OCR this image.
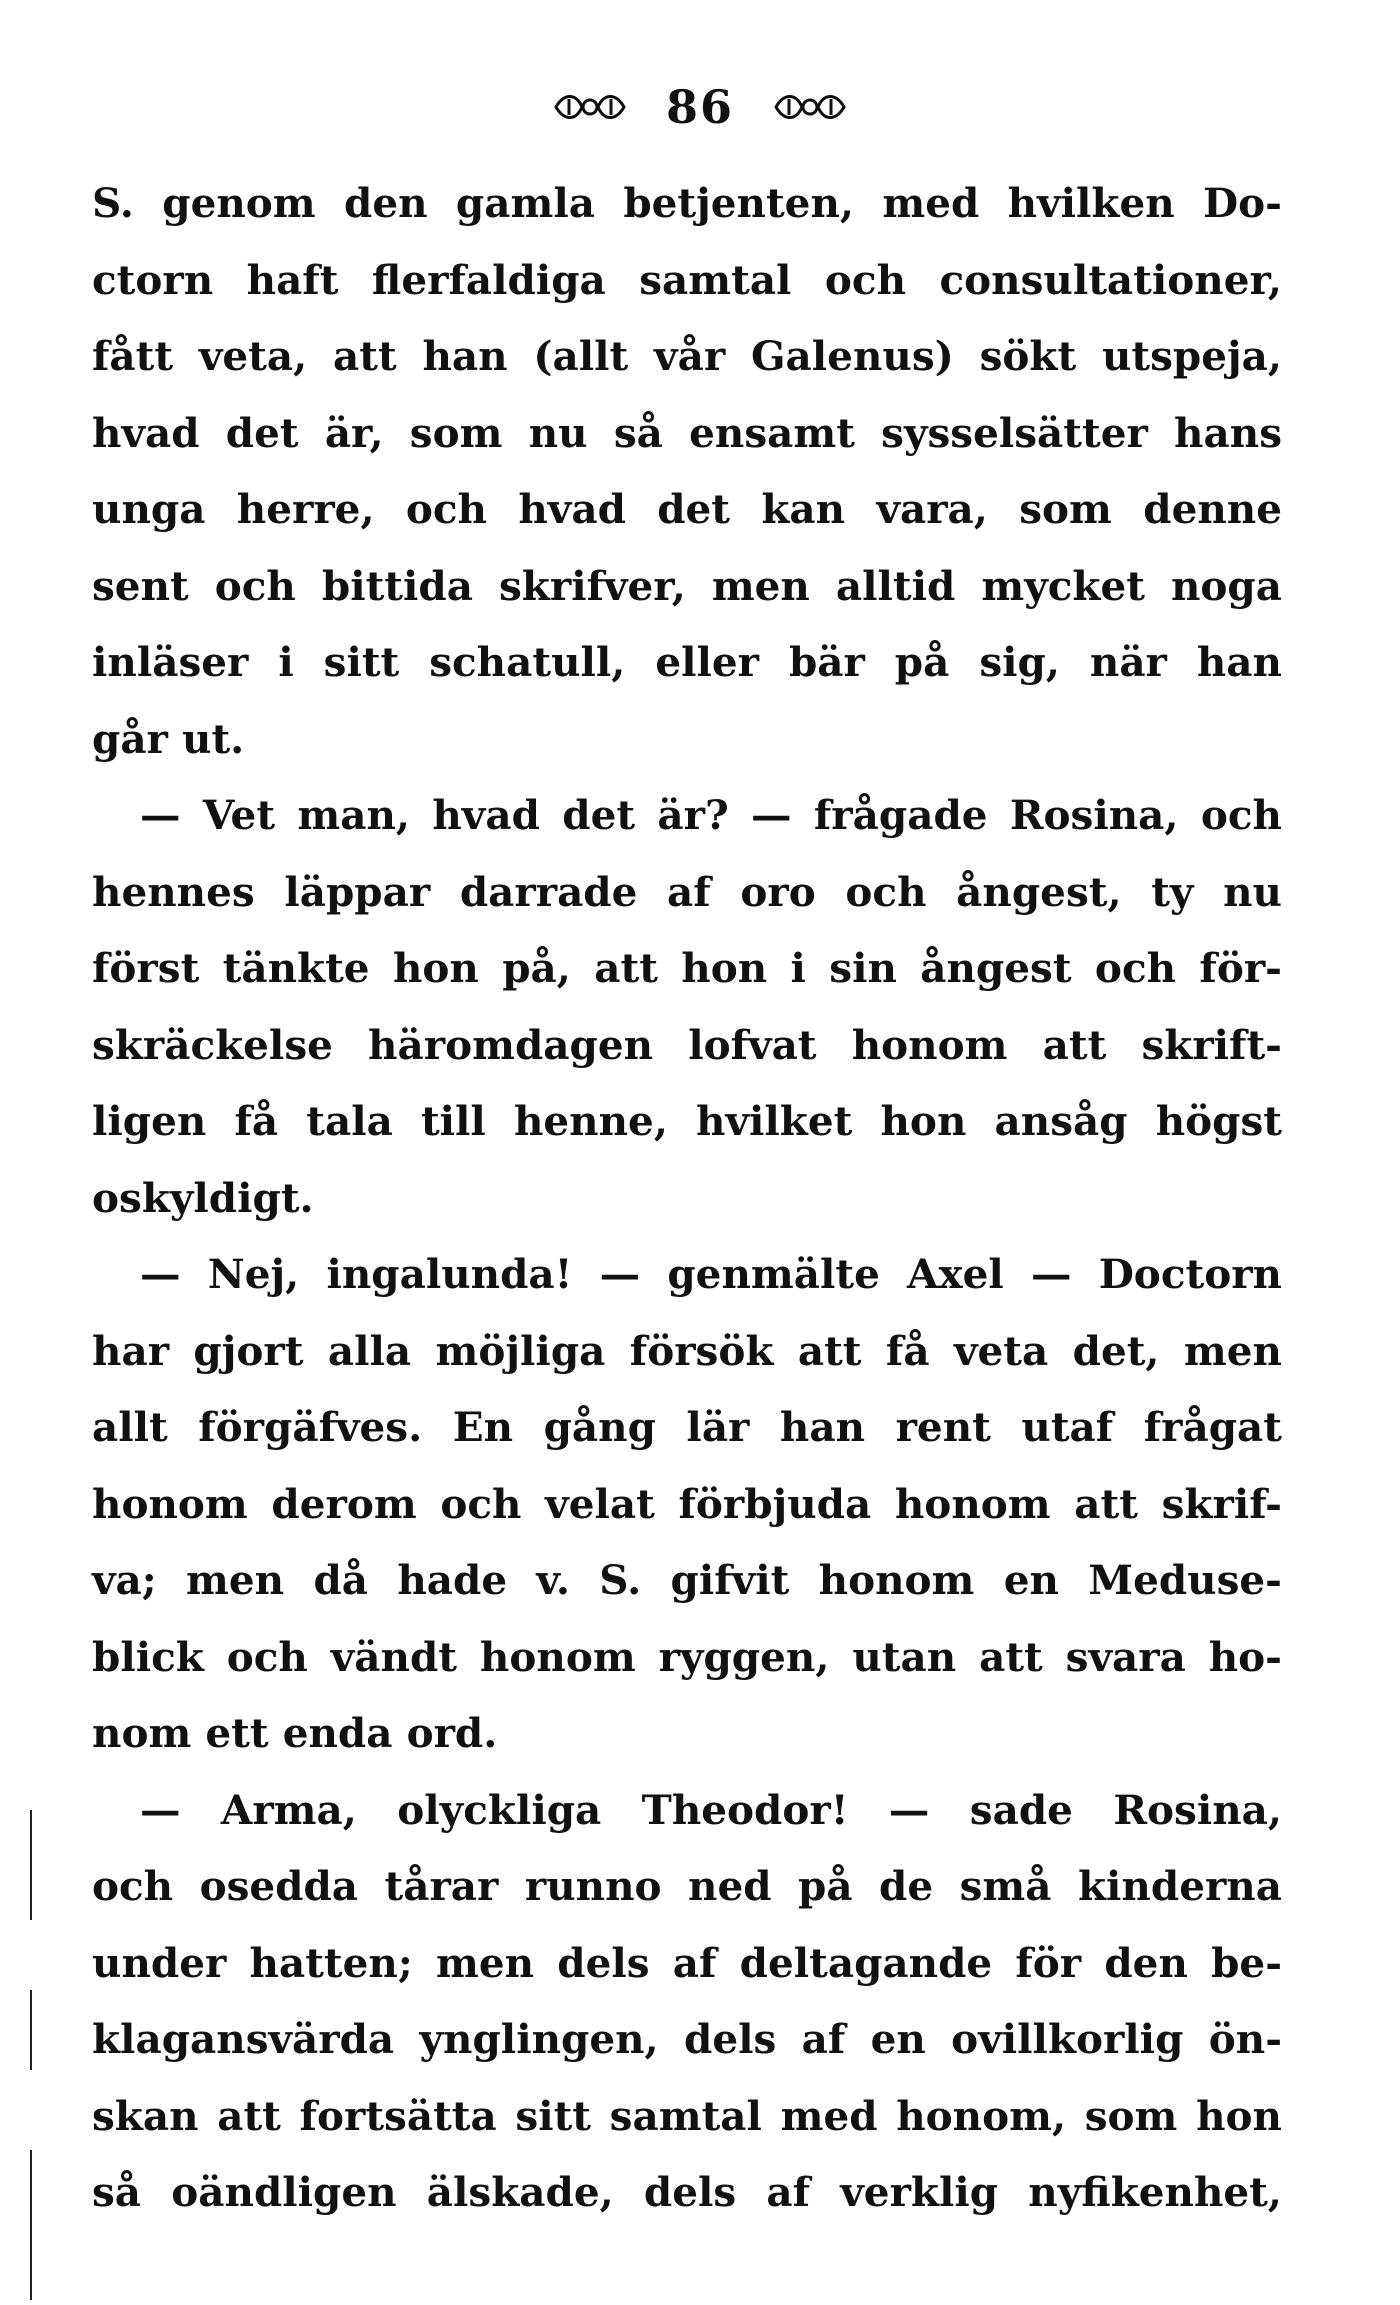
86
S. genom den gamla betjenten, med hvilken Do-
ctorn haft flerfaldiga samtal och consultationer,
fått veta, att han (allt vår Galenus) sökt utspeja,
hvad det är, som nu så ensamt sysselsätter hans
unga herre, och hvad det kan vara, som denne
sent och bittida skrifver, men alltid mycket noga
inläser i sitt schatull, eller bär på sig, när han
går ut.
— Vet man, hvad det är? — frågade Rosina, och
hennes läppar darrade af oro och ångest, ty nu
först tänkte hon på, att hon i sin ångest och för-
skräckelse häromdagen lofvat honom att skrift-
ligen få tala till henne, hvilket hon ansåg högst
oskyldigt.
— Nej, ingalunda! — genmälte Axel — Doctorn
har gjort alla möjliga försök att få veta det, men
allt förgäfves. En gång lär han rent utaf frågat
honom derom och velat förbjuda honom att skrif-
va; men då hade v. S. gifvit honom en Meduse-
blick och vändt honom ryggen, utan att svara ho-
nom ett enda ord.
— Arma, olyckliga Theodor! — sade Rosina,
och osedda tårar runno ned på de små kinderna
under hatten; men dels af deltagande för den be-
klagansvärda ynglingen, dels af en ovillkorlig ön-
skan att fortsätta sitt samtal med honom, som hon
så oändligen älskade, dels af verklig nyfikenhet,
